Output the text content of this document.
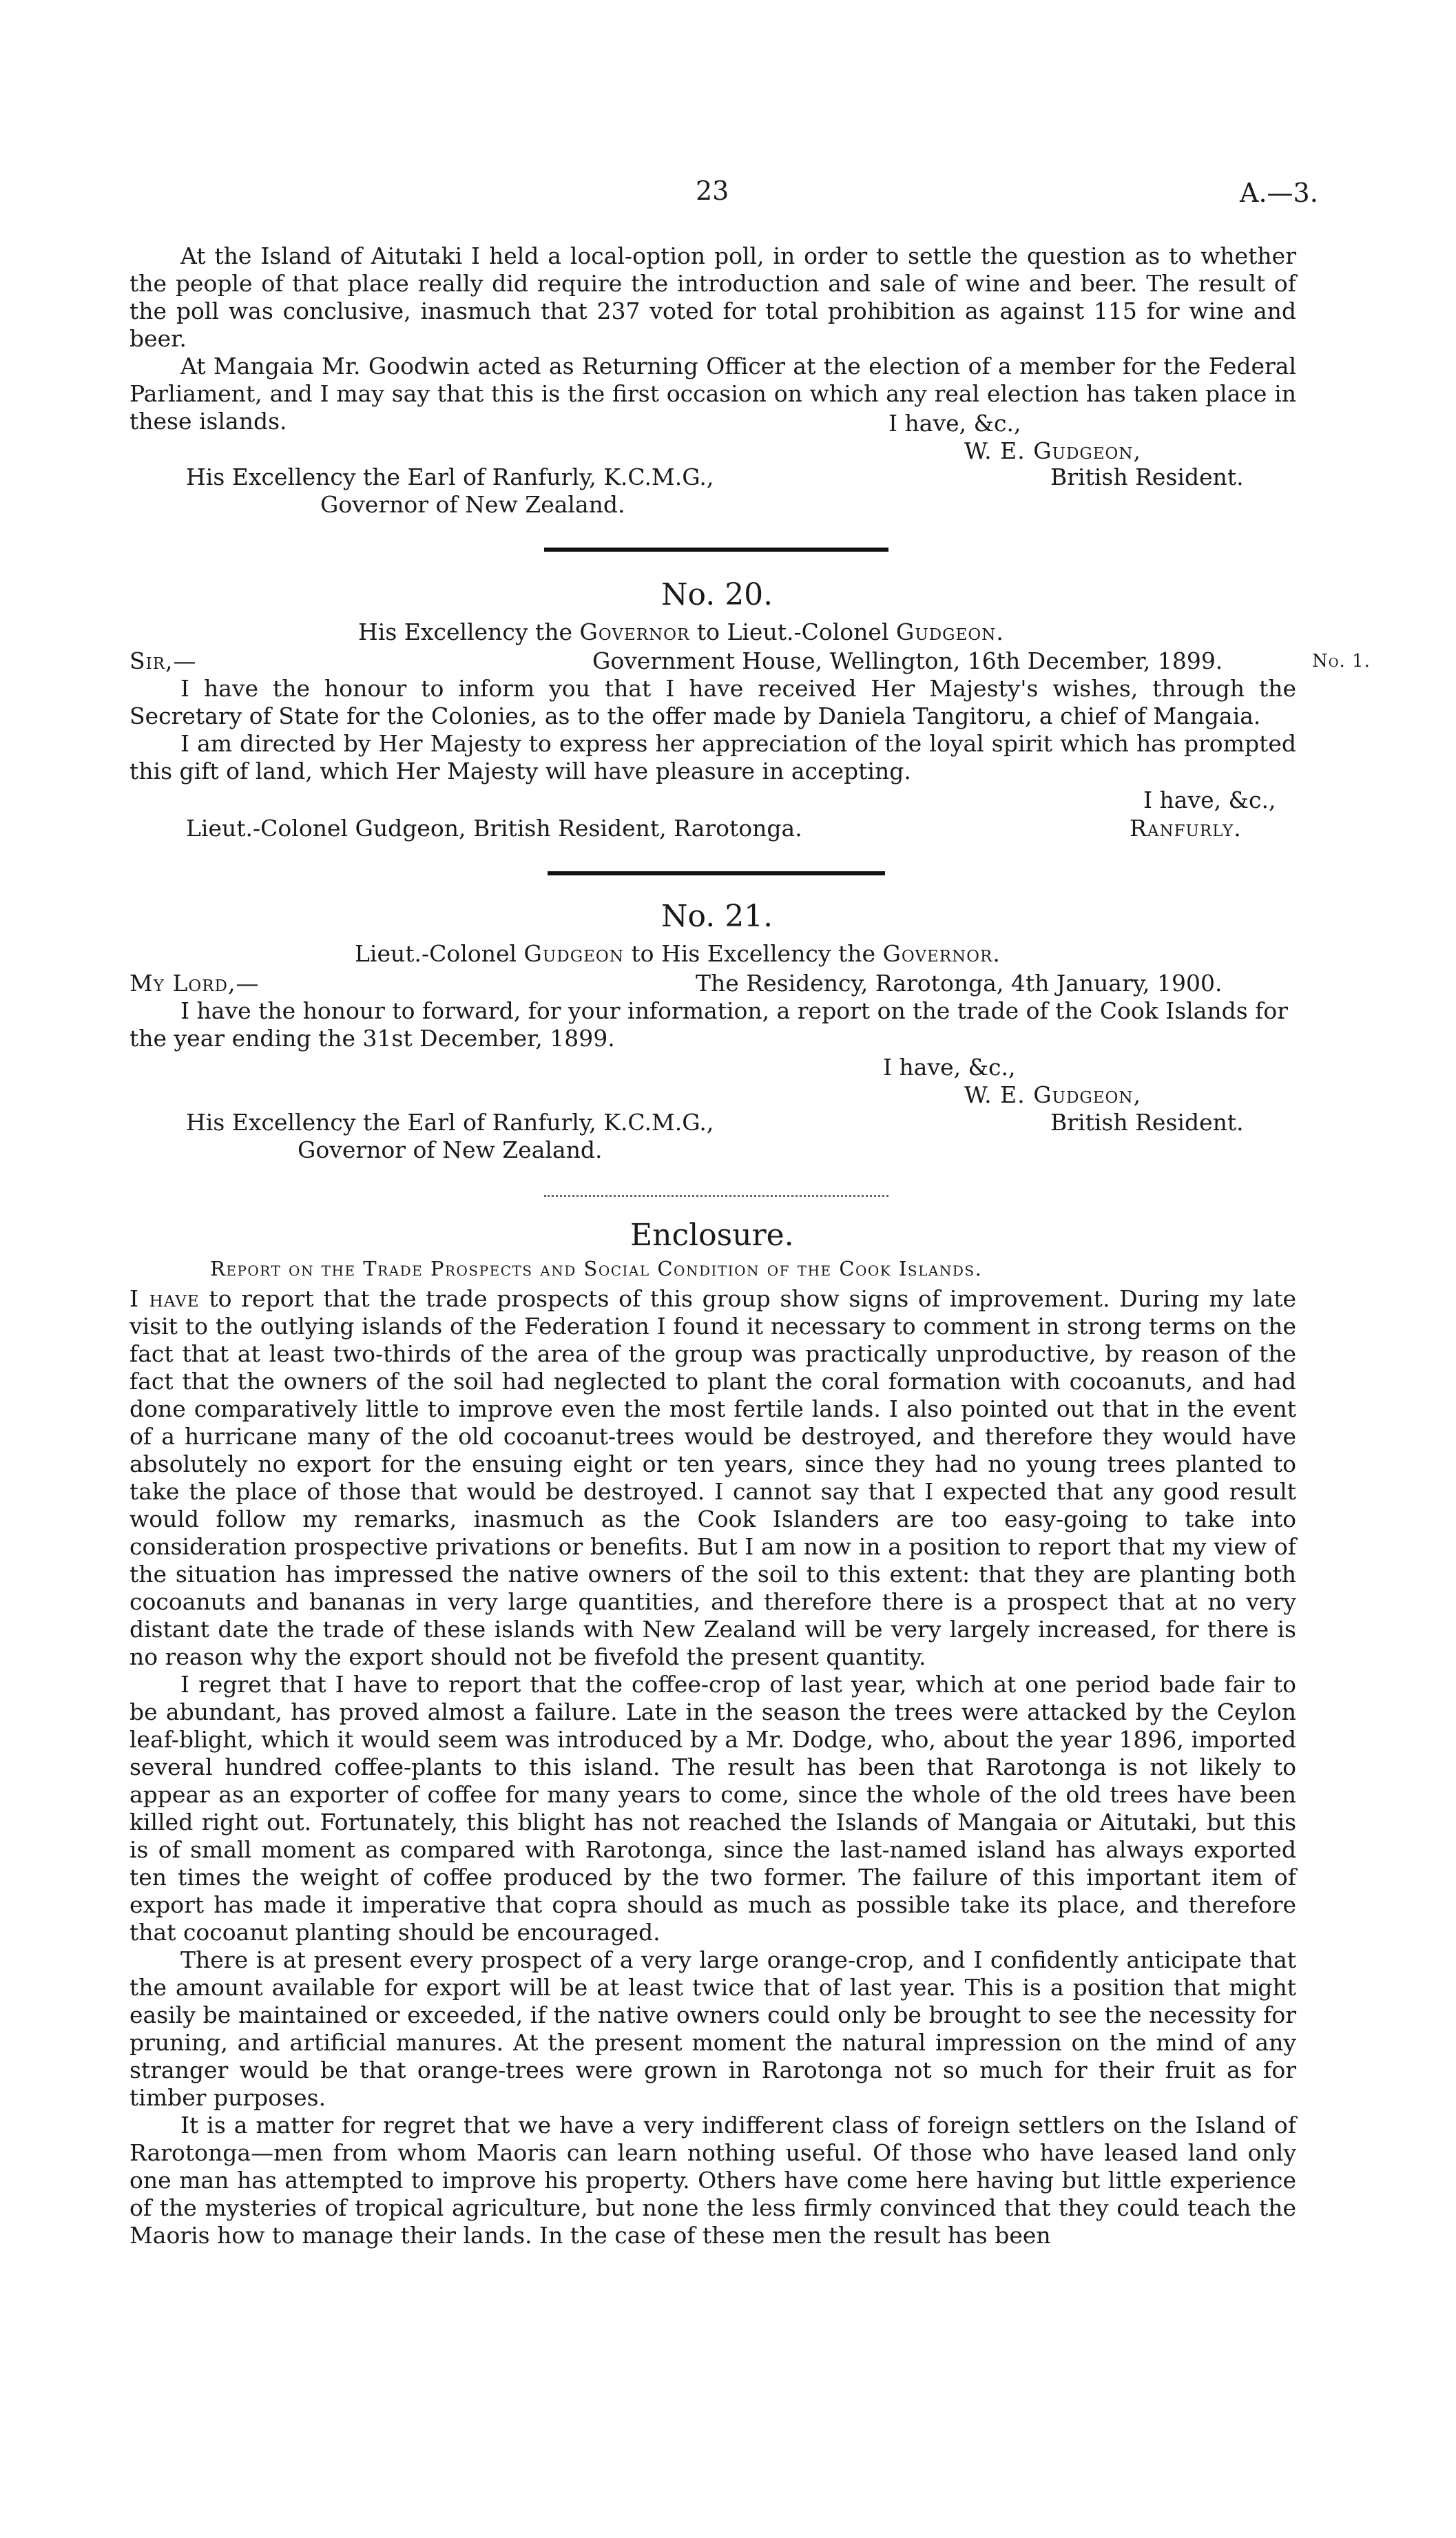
23	A.—3.

At the Island of Aitutaki I held a local-option poll, in order to settle the question as to whether the people of that place really did require the introduction and sale of wine and beer. The result of the poll was conclusive, inasmuch that 237 voted for total prohibition as against 115 for wine and beer.

At Mangaia Mr. Goodwin acted as Returning Officer at the election of a member for the Federal Parliament, and I may say that this is the first occasion on which any real election has taken place in these islands.	I have, &c.,
W. E. Gudgeon,
British Resident.
His Excellency the Earl of Ranfurly, K.C.M.G.,
Governor of New Zealand.
No. 20.
His Excellency the Governor to Lieut.-Colonel Gudgeon.
Sir,—	Government House, Wellington, 16th December, 1899.	No. 1.

I have the honour to inform you that I have received Her Majesty's wishes, through the Secretary of State for the Colonies, as to the offer made by Daniela Tangitoru, a chief of Mangaia.

I am directed by Her Majesty to express her appreciation of the loyal spirit which has prompted this gift of land, which Her Majesty will have pleasure in accepting.

I have, &c.,
Lieut.-Colonel Gudgeon, British Resident, Rarotonga.	Ranfurly.
No. 21.
Lieut.-Colonel Gudgeon to His Excellency the Governor.
My Lord,—	The Residency, Rarotonga, 4th January, 1900.

I have the honour to forward, for your information, a report on the trade of the Cook Islands for the year ending the 31st December, 1899.

I have, &c.,
W. E. Gudgeon,
British Resident.
His Excellency the Earl of Ranfurly, K.C.M.G.,
Governor of New Zealand.
Enclosure.
Report on the Trade Prospects and Social Condition of the Cook Islands.

I have to report that the trade prospects of this group show signs of improvement. During my late visit to the outlying islands of the Federation I found it necessary to comment in strong terms on the fact that at least two-thirds of the area of the group was practically unproductive, by reason of the fact that the owners of the soil had neglected to plant the coral formation with cocoanuts, and had done comparatively little to improve even the most fertile lands. I also pointed out that in the event of a hurricane many of the old cocoanut-trees would be destroyed, and therefore they would have absolutely no export for the ensuing eight or ten years, since they had no young trees planted to take the place of those that would be destroyed. I cannot say that I expected that any good result would follow my remarks, inasmuch as the Cook Islanders are too easy-going to take into consideration prospective privations or benefits. But I am now in a position to report that my view of the situation has impressed the native owners of the soil to this extent: that they are planting both cocoanuts and bananas in very large quantities, and therefore there is a prospect that at no very distant date the trade of these islands with New Zealand will be very largely increased, for there is no reason why the export should not be fivefold the present quantity.

I regret that I have to report that the coffee-crop of last year, which at one period bade fair to be abundant, has proved almost a failure. Late in the season the trees were attacked by the Ceylon leaf-blight, which it would seem was introduced by a Mr. Dodge, who, about the year 1896, imported several hundred coffee-plants to this island. The result has been that Rarotonga is not likely to appear as an exporter of coffee for many years to come, since the whole of the old trees have been killed right out. Fortunately, this blight has not reached the Islands of Mangaia or Aitutaki, but this is of small moment as compared with Rarotonga, since the last-named island has always exported ten times the weight of coffee produced by the two former. The failure of this important item of export has made it imperative that copra should as much as possible take its place, and therefore that cocoanut planting should be encouraged.

There is at present every prospect of a very large orange-crop, and I confidently anticipate that the amount available for export will be at least twice that of last year. This is a position that might easily be maintained or exceeded, if the native owners could only be brought to see the necessity for pruning, and artificial manures. At the present moment the natural impression on the mind of any stranger would be that orange-trees were grown in Rarotonga not so much for their fruit as for timber purposes.

It is a matter for regret that we have a very indifferent class of foreign settlers on the Island of Rarotonga—men from whom Maoris can learn nothing useful. Of those who have leased land only one man has attempted to improve his property. Others have come here having but little experience of the mysteries of tropical agriculture, but none the less firmly convinced that they could teach the Maoris how to manage their lands. In the case of these men the result has been
